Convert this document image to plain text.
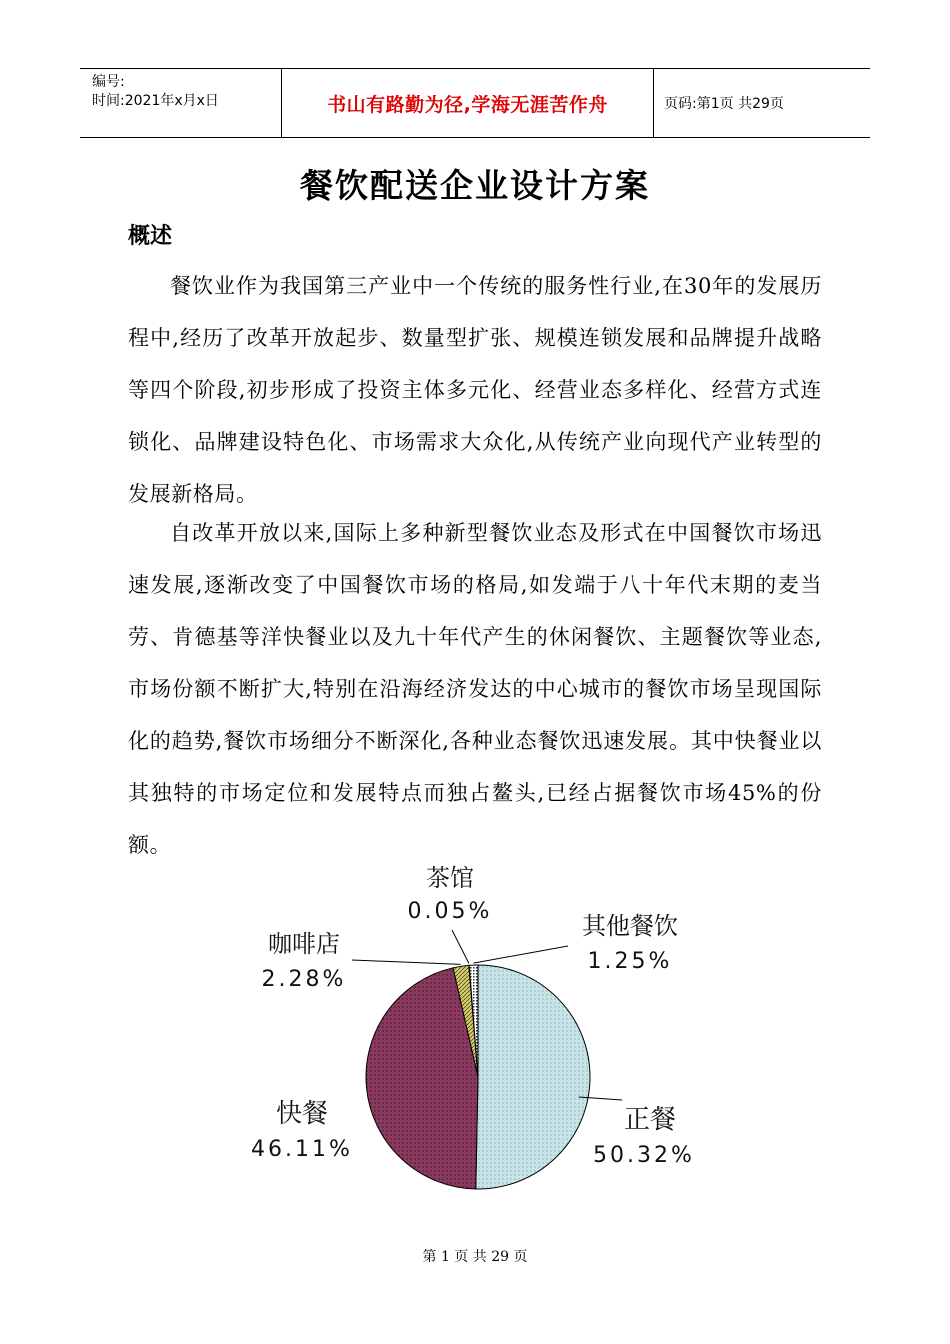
编号:
时间:2021年x月x日	书山有路勤为径,学海无涯苦作舟	页码:第1页 共29页
餐饮配送企业设计方案
概述

餐饮业作为我国第三产业中一个传统的服务性行业,在30年的发展历程中,经历了改革开放起步、数量型扩张、规模连锁发展和品牌提升战略等四个阶段,初步形成了投资主体多元化、经营业态多样化、经营方式连锁化、品牌建设特色化、市场需求大众化,从传统产业向现代产业转型的发展新格局。

自改革开放以来,国际上多种新型餐饮业态及形式在中国餐饮市场迅速发展,逐渐改变了中国餐饮市场的格局,如发端于八十年代末期的麦当劳、肯德基等洋快餐业以及九十年代产生的休闲餐饮、主题餐饮等业态,市场份额不断扩大,特别在沿海经济发达的中心城市的餐饮市场呈现国际化的趋势,餐饮市场细分不断深化,各种业态餐饮迅速发展。其中快餐业以其独特的市场定位和发展特点而独占鳌头,已经占据餐饮市场45%的份额。

茶馆
0.05%
咖啡店
2.28%
其他餐饮
1.25%
正餐
50.32%
快餐
46.11%
第 1 页 共 29 页
